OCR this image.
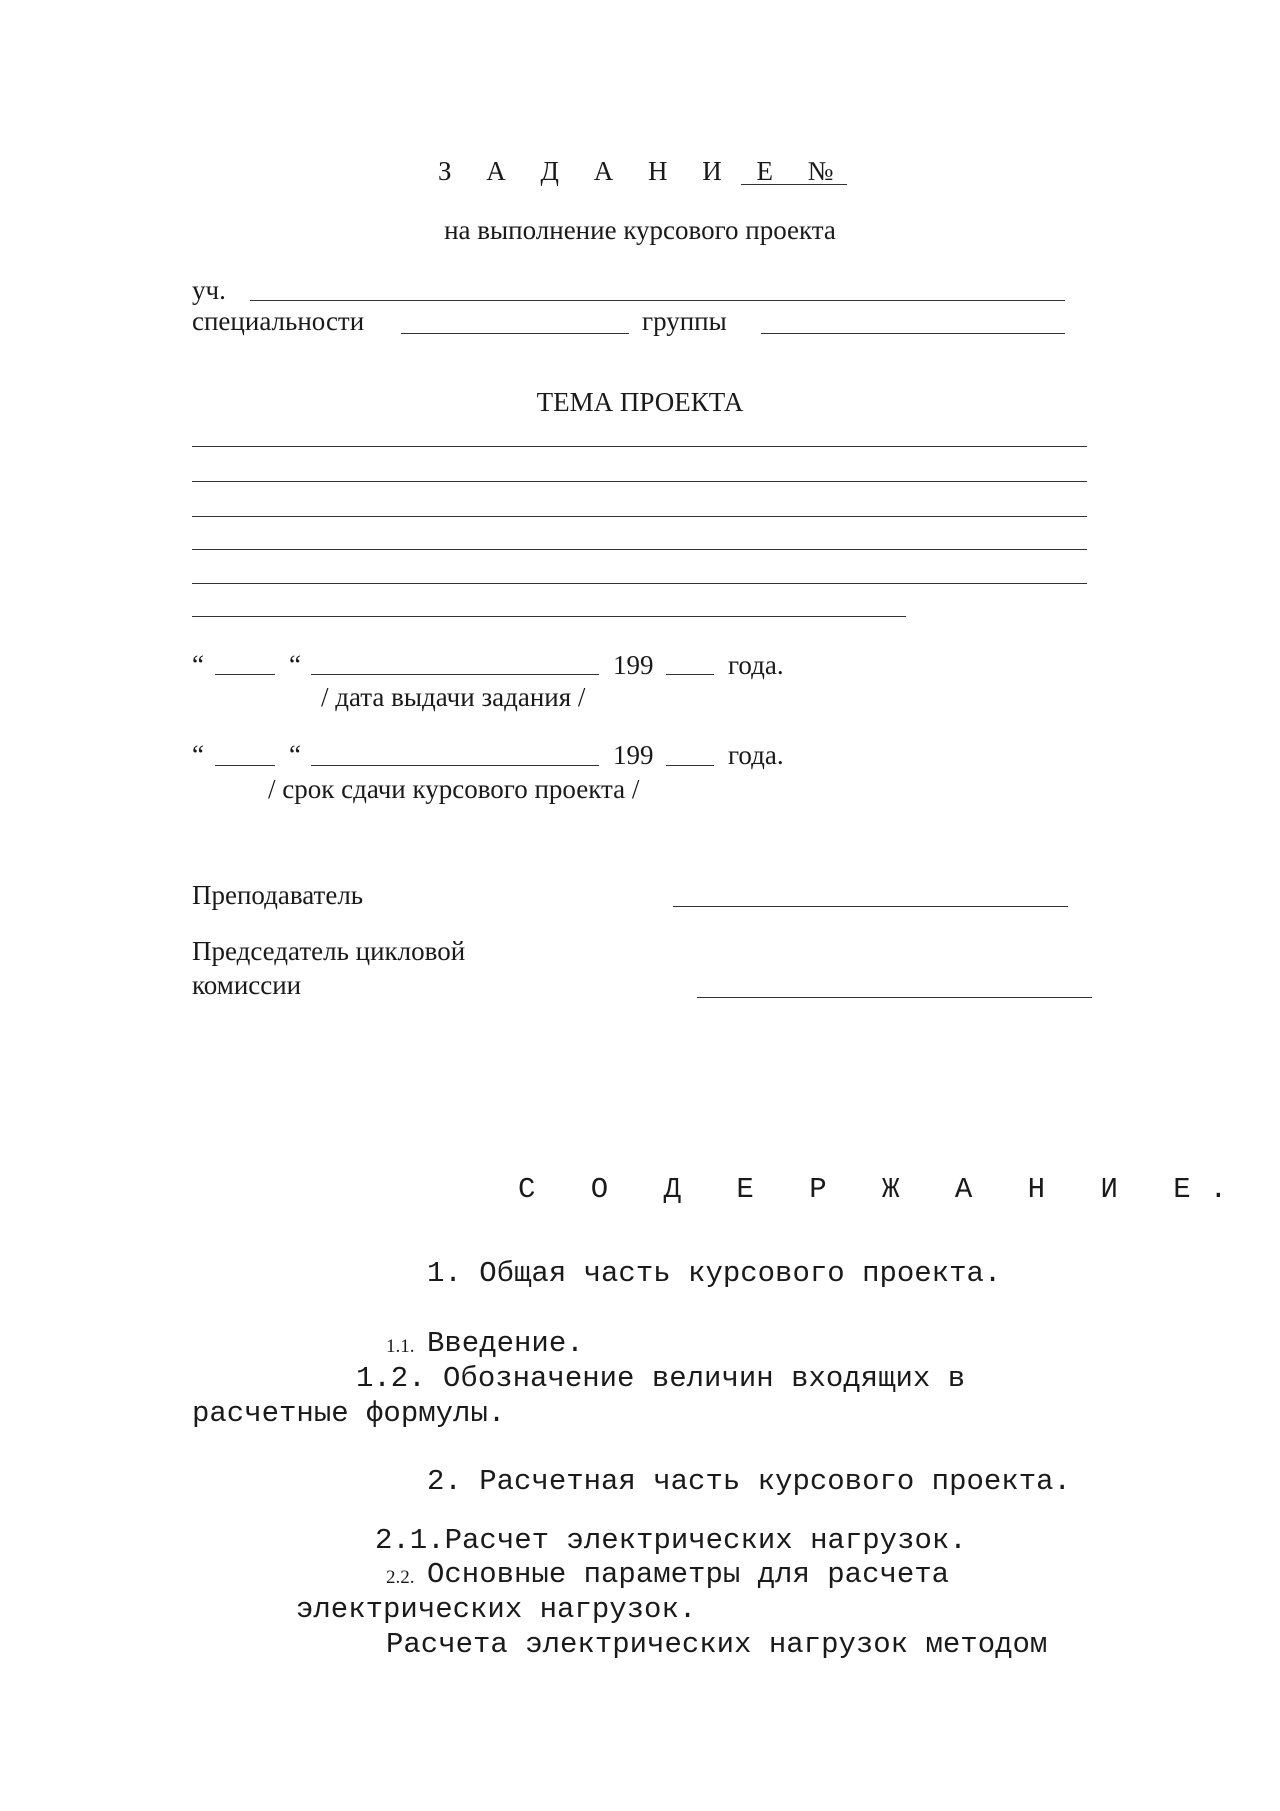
З А Д А Н И Е №
на выполнение курсового проекта
уч.
специальности	группы
ТЕМА ПРОЕКТА
“	“	199	года.
/ дата выдачи задания /
“	“	199	года.
/ срок сдачи курсового проекта /
Преподаватель
Председатель цикловой
комиссии
С О Д Е Р Ж А Н И Е.
1. Общая часть курсового проекта.
1.1. Введение.
1.2. Обозначение величин входящих в
расчетные формулы.
2. Расчетная часть курсового проекта.
2.1.Расчет электрических нагрузок.
2.2. Основные параметры для расчета
электрических нагрузок.
Расчета электрических нагрузок методом
